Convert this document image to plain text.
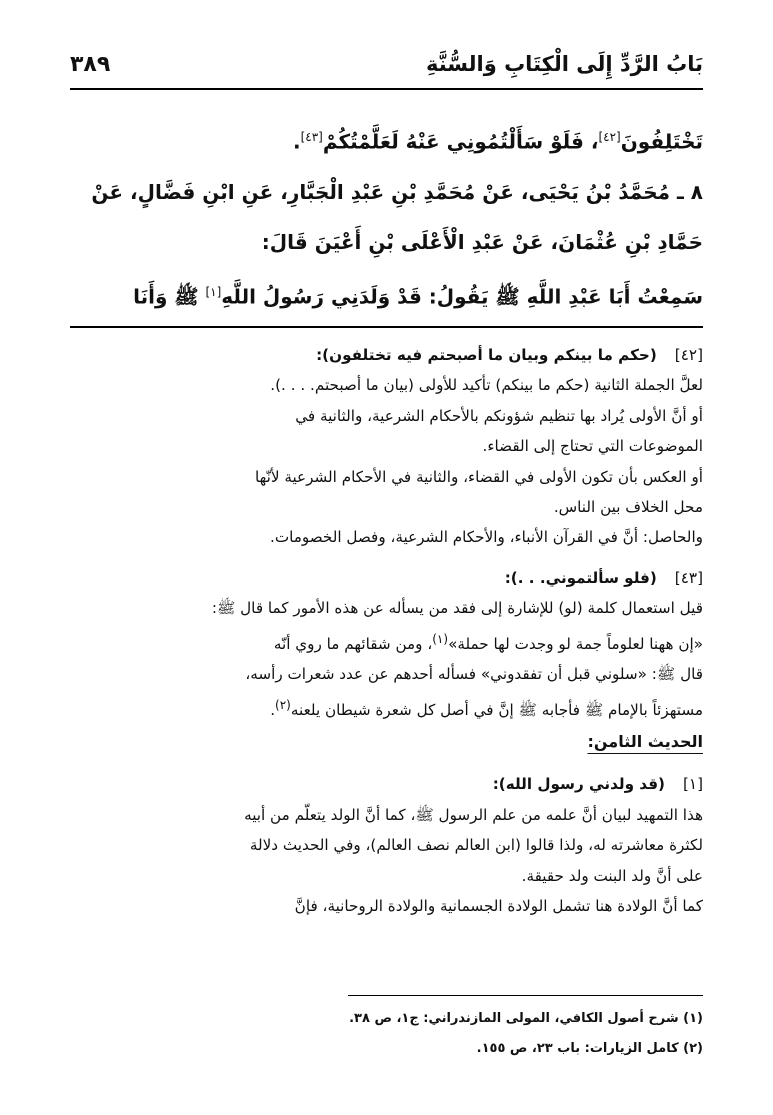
بَابُ الرَّدِّ إِلَى الْكِتَابِ وَالسُّنَّةِ
٣٨٩

تَخْتَلِفُونَ[٤٢]، فَلَوْ سَأَلْتُمُونِي عَنْهُ لَعَلَّمْتُكُمْ[٤٣].

٨ ـ مُحَمَّدُ بْنُ يَحْيَى، عَنْ مُحَمَّدِ بْنِ عَبْدِ الْجَبَّارِ، عَنِ ابْنِ فَضَّالٍ، عَنْ

حَمَّادِ بْنِ عُثْمَانَ، عَنْ عَبْدِ الْأَعْلَى بْنِ أَعْيَنَ قَالَ:

سَمِعْتُ أَبَا عَبْدِ اللَّهِ ﷺ يَقُولُ: قَدْ وَلَدَنِي رَسُولُ اللَّهِ[١] ﷺ وَأَنَا

[٤٢](حكم ما بينكم وبيان ما أصبحتم فيه تختلفون):

لعلَّ الجملة الثانية (حكم ما بينكم) تأكيد للأولى (بيان ما أصبحتم. . . .).

أو أنَّ الأولى يُراد بها تنظيم شؤونكم بالأحكام الشرعية، والثانية في

الموضوعات التي تحتاج إلى القضاء.

أو العكس بأن تكون الأولى في القضاء، والثانية في الأحكام الشرعية لأنّها

محل الخلاف بين الناس.

والحاصل: أنَّ في القرآن الأنباء، والأحكام الشرعية، وفصل الخصومات.

[٤٣](فلو سألتموني. . .):

قيل استعمال كلمة (لو) للإشارة إلى فقد من يسأله عن هذه الأمور كما قال ﷺ:

«إن ههنا لعلوماً جمة لو وجدت لها حملة»$^{(١)}$، ومن شقائهم ما روي أنّه

قال ﷺ: «سلوني قبل أن تفقدوني» فسأله أحدهم عن عدد شعرات رأسه،

مستهزئاً بالإمام ﷺ فأجابه ﷺ إنَّ في أصل كل شعرة شيطان يلعنه$^{(٢)}$.

الحديث الثامن:

[١](قد ولدني رسول الله):

هذا التمهيد لبيان أنَّ علمه من علم الرسول ﷺ، كما أنَّ الولد يتعلّم من أبيه

لكثرة معاشرته له، ولذا قالوا (ابن العالم نصف العالم)، وفي الحديث دلالة

على أنَّ ولد البنت ولد حقيقة.

كما أنَّ الولادة هنا تشمل الولادة الجسمانية والولادة الروحانية، فإنَّ

(١) شرح أصول الكافي، المولى المازندراني: ج١، ص ٣٨.

(٢) كامل الزيارات: باب ٢٣، ص ١٥٥.
